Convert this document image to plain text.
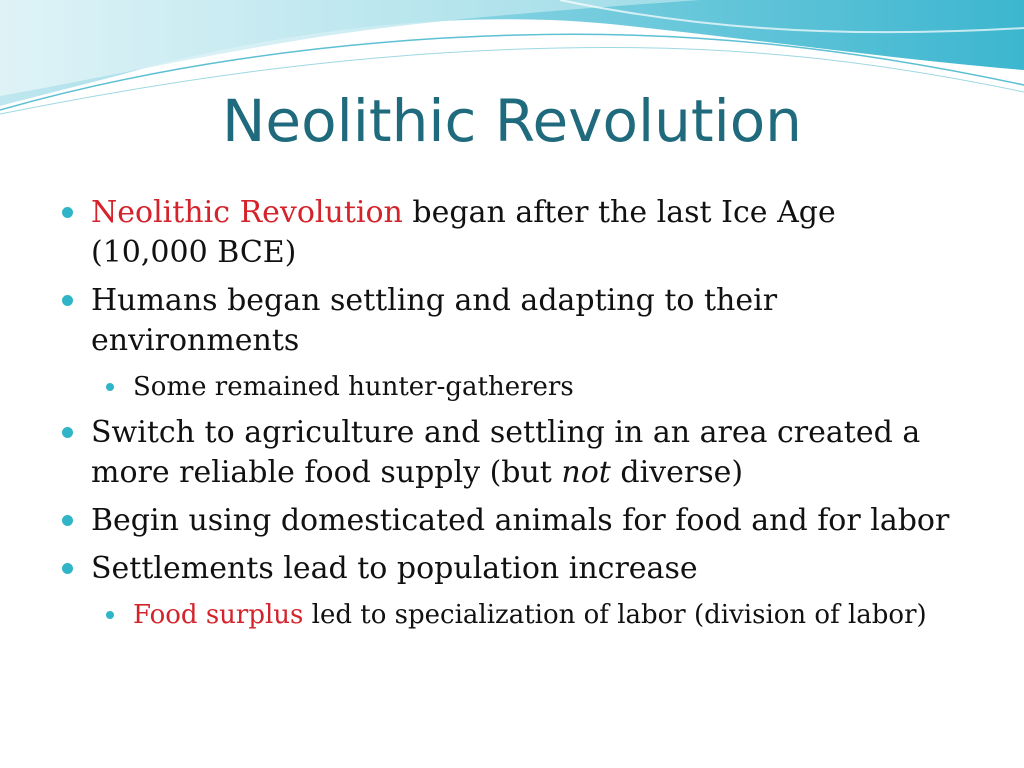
Neolithic Revolution
Neolithic Revolution began after the last Ice Age (10,000 BCE)
Humans began settling and adapting to their environments
Some remained hunter-gatherers
Switch to agriculture and settling in an area created a more reliable food supply (but not diverse)
Begin using domesticated animals for food and for labor
Settlements lead to population increase
Food surplus led to specialization of labor (division of labor)
